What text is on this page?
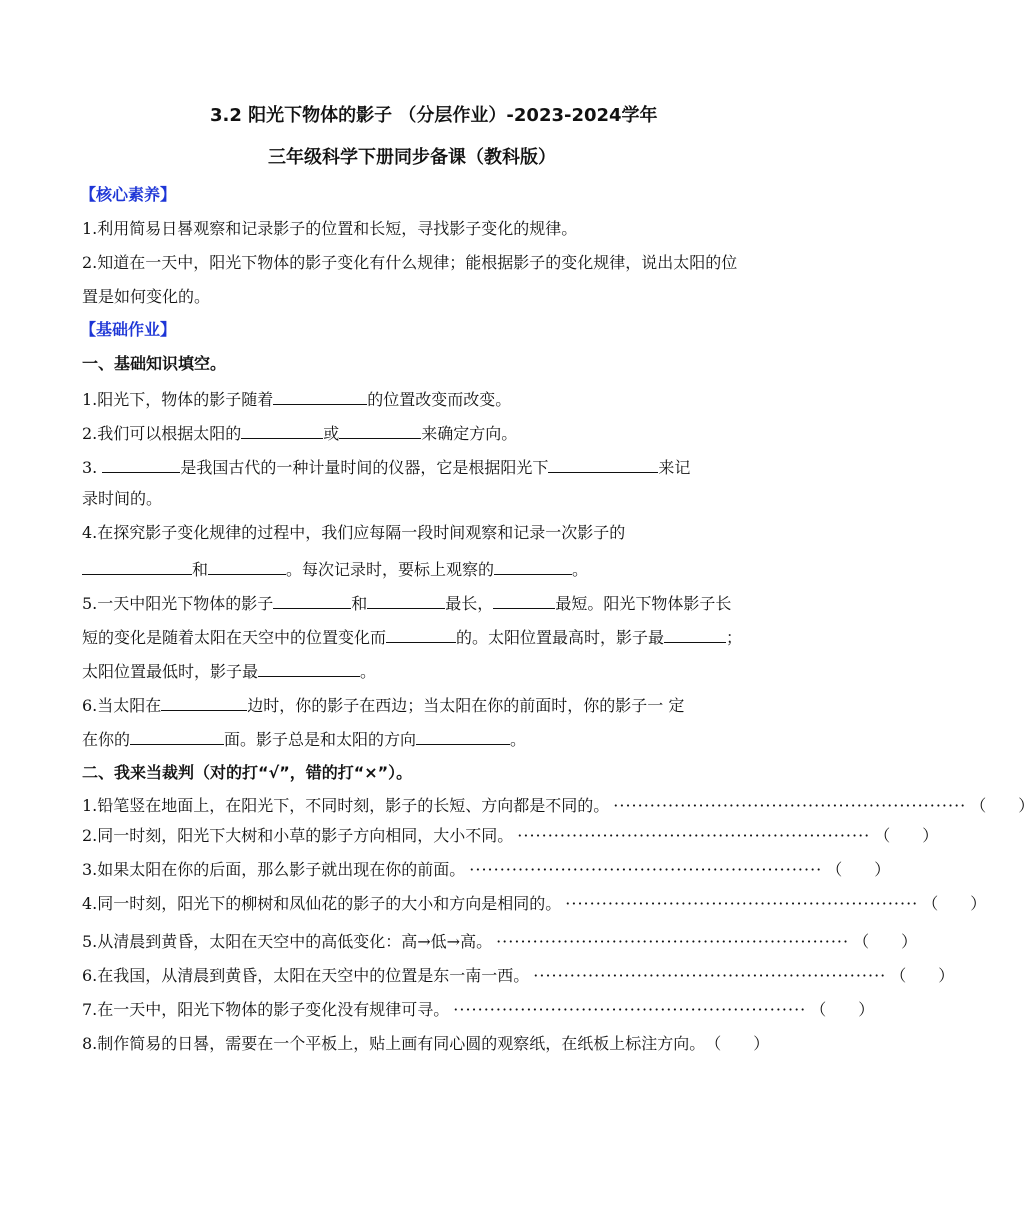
3.2 阳光下物体的影子 （分层作业）-2023-2024学年
三年级科学下册同步备课（教科版）
【核心素养】
1.利用简易日晷观察和记录影子的位置和长短，寻找影子变化的规律。
2.知道在一天中，阳光下物体的影子变化有什么规律；能根据影子的变化规律，说出太阳的位
置是如何变化的。
【基础作业】
一、基础知识填空。
1.阳光下，物体的影子随着	的位置改变而改变。
2.我们可以根据太阳的	或	来确定方向。
3.	是我国古代的一种计量时间的仪器，它是根据阳光下	来记
录时间的。
4.在探究影子变化规律的过程中，我们应每隔一段时间观察和记录一次影子的
和	。每次记录时，要标上观察的	。
5.一天中阳光下物体的影子	和	最长，	最短。阳光下物体影子长
短的变化是随着太阳在天空中的位置变化而	的。太阳位置最高时，影子最	；
太阳位置最低时，影子最	。
6.当太阳在	边时，你的影子在西边；当太阳在你的前面时，你的影子一 定
在你的	面。影子总是和太阳的方向	。
二、我来当裁判（对的打“√”，错的打“×”）。
1.铅笔竖在地面上，在阳光下，不同时刻，影子的长短、方向都是不同的。 ·························································· （　　）
2.同一时刻，阳光下大树和小草的影子方向相同，大小不同。 ·························································· （　　）
3.如果太阳在你的后面，那么影子就出现在你的前面。 ·························································· （　　）
4.同一时刻，阳光下的柳树和凤仙花的影子的大小和方向是相同的。 ·························································· （　　）
5.从清晨到黄昏，太阳在天空中的高低变化：高→低→高。 ·························································· （　　）
6.在我国，从清晨到黄昏，太阳在天空中的位置是东一南一西。 ·························································· （　　）
7.在一天中，阳光下物体的影子变化没有规律可寻。 ·························································· （　　）
8.制作简易的日晷，需要在一个平板上，贴上画有同心圆的观察纸，在纸板上标注方向。 （　　）
